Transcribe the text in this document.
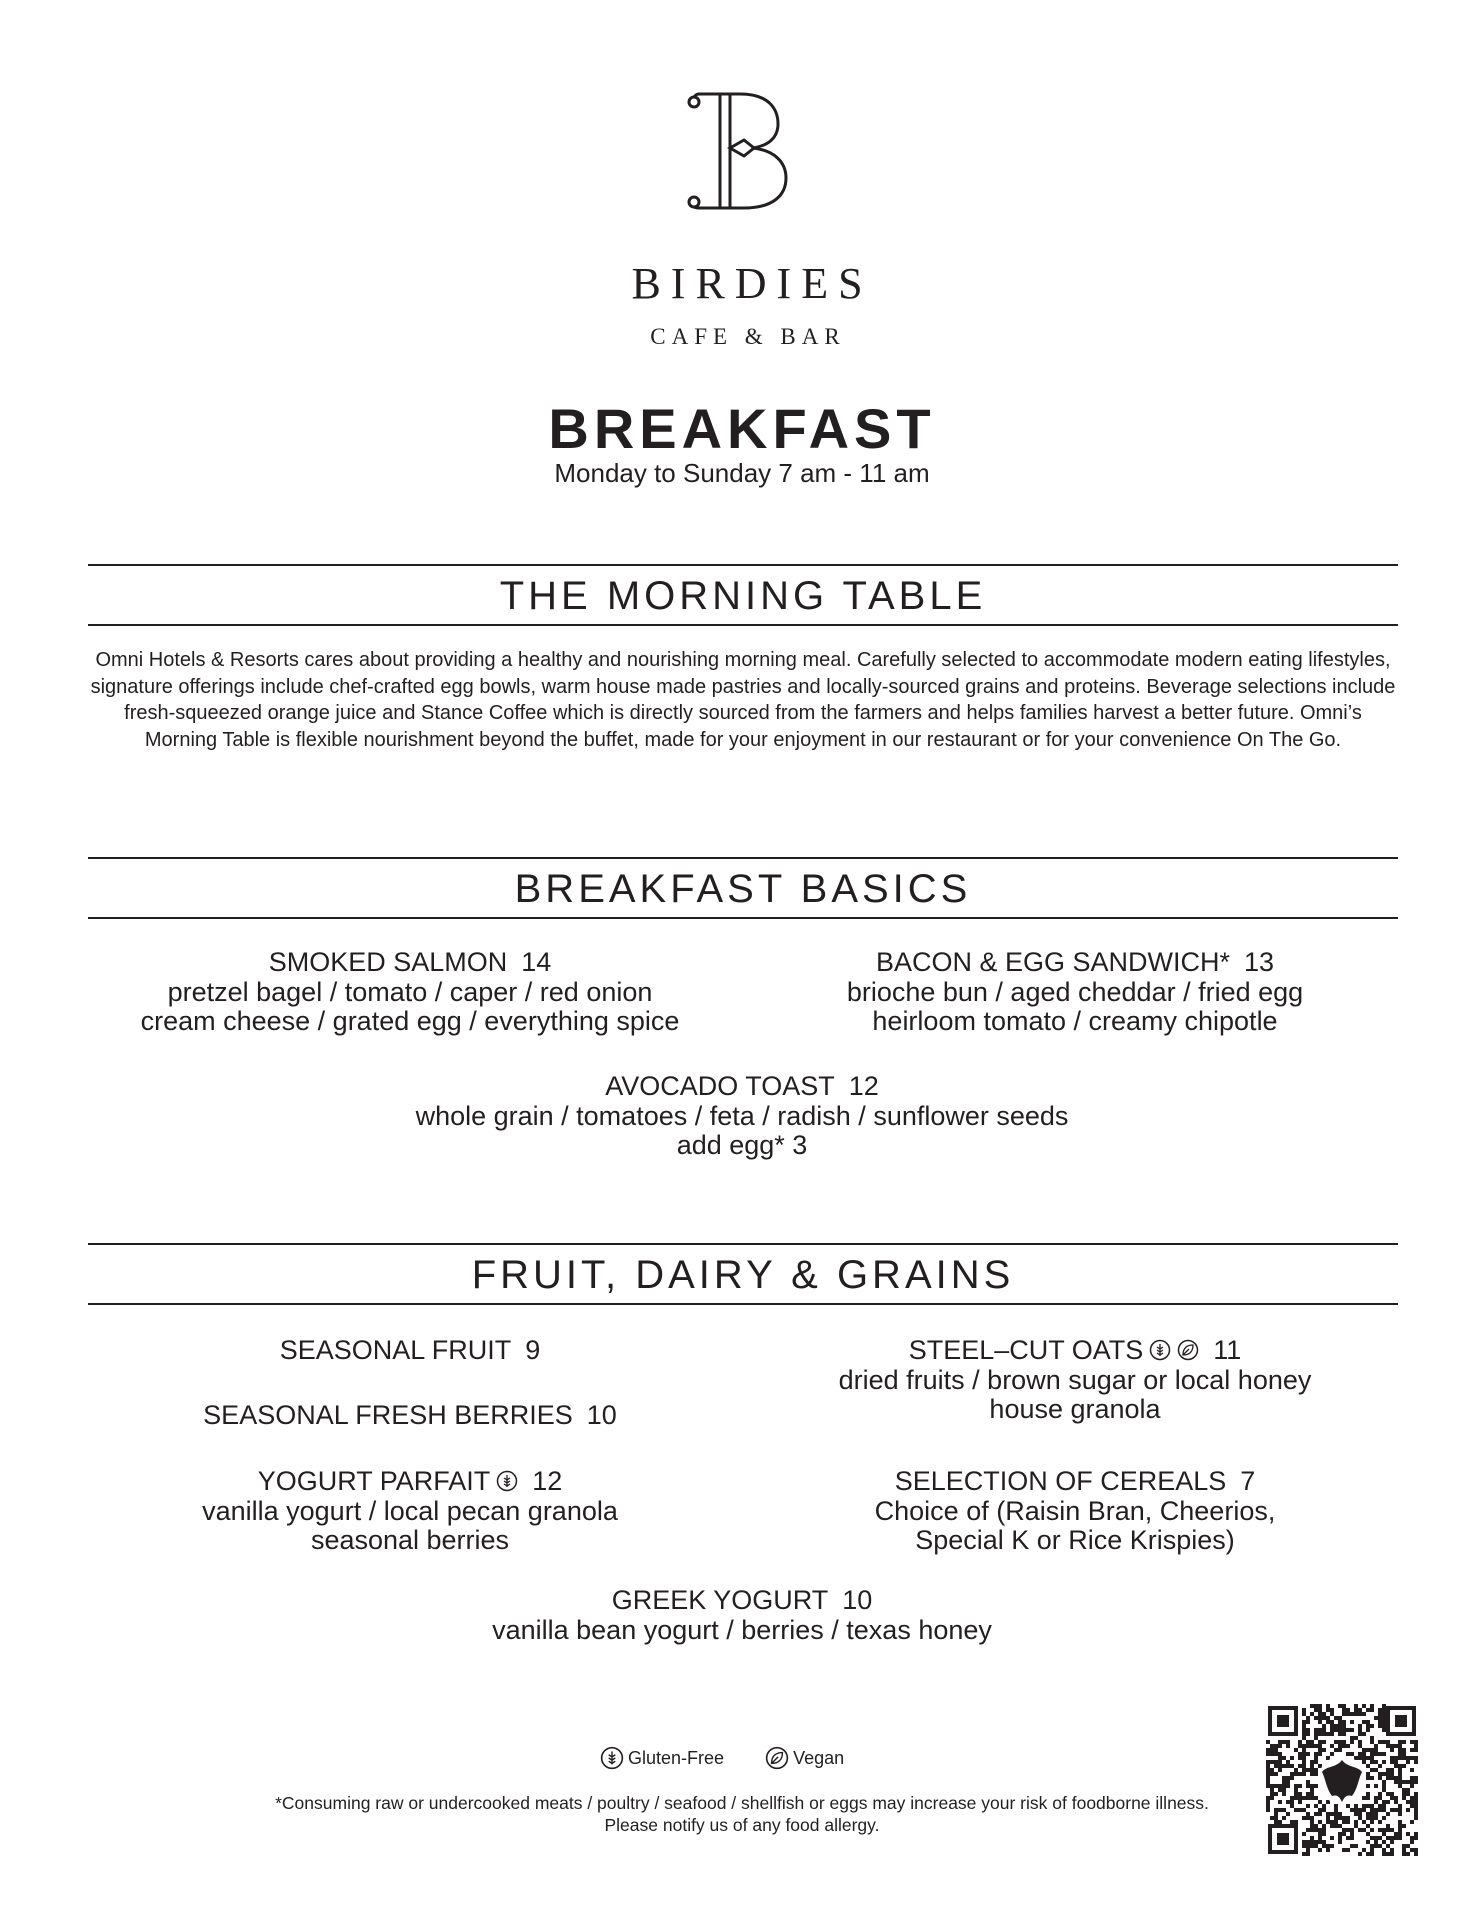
BIRDIES
CAFE & BAR
BREAKFAST
Monday to Sunday 7 am - 11 am
THE MORNING TABLE
Omni Hotels & Resorts cares about providing a healthy and nourishing morning meal. Carefully selected to accommodate modern eating lifestyles, signature offerings include chef-crafted egg bowls, warm house made pastries and locally-sourced grains and proteins. Beverage selections include fresh-squeezed orange juice and Stance Coffee which is directly sourced from the farmers and helps families harvest a better future. Omni’s Morning Table is flexible nourishment beyond the buffet, made for your enjoyment in our restaurant or for your convenience On The Go.
BREAKFAST BASICS
SMOKED SALMON 14
pretzel bagel / tomato / caper / red onion
cream cheese / grated egg / everything spice
BACON & EGG SANDWICH* 13
brioche bun / aged cheddar / fried egg
heirloom tomato / creamy chipotle
AVOCADO TOAST 12
whole grain / tomatoes / feta / radish / sunflower seeds
add egg* 3
FRUIT, DAIRY & GRAINS
SEASONAL FRUIT 9
SEASONAL FRESH BERRIES 10
YOGURT PARFAIT 12
vanilla yogurt / local pecan granola
seasonal berries
STEEL–CUT OATS	11
dried fruits / brown sugar or local honey
house granola
SELECTION OF CEREALS 7
Choice of (Raisin Bran, Cheerios,
Special K or Rice Krispies)
GREEK YOGURT 10
vanilla bean yogurt / berries / texas honey
Gluten-Free
	Vegan
*Consuming raw or undercooked meats / poultry / seafood / shellfish or eggs may increase your risk of foodborne illness.
Please notify us of any food allergy.
